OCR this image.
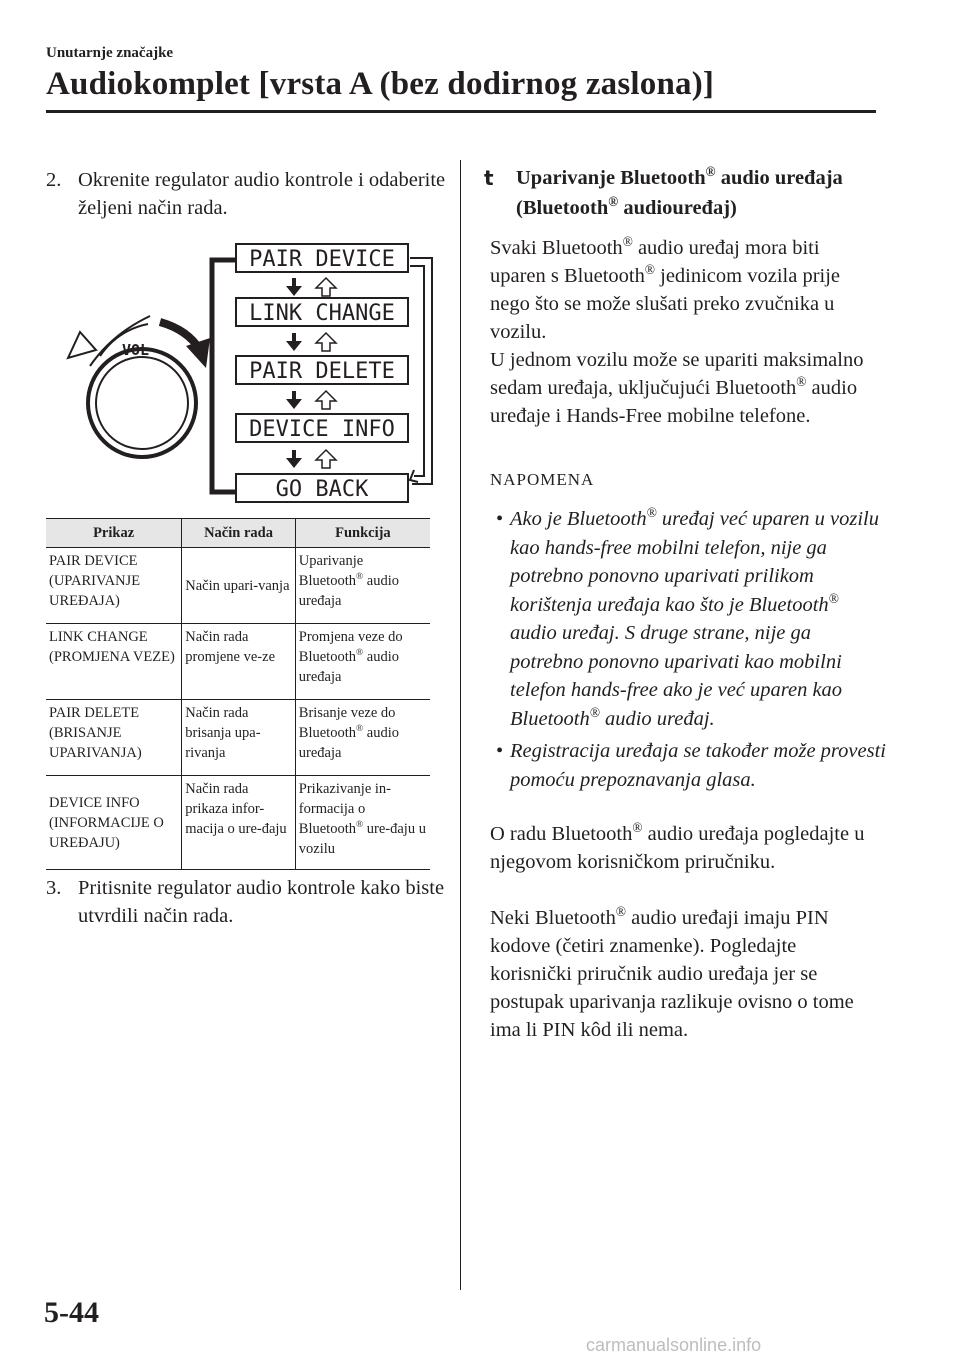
Unutarnje značajke
Audiokomplet [vrsta A (bez dodirnog zaslona)]
2. Okrenite regulator audio kontrole i odaberite željeni način rada.
VOL
PAIR DEVICE
LINK CHANGE
PAIR DELETE
DEVICE INFO
GO BACK
Prikaz	Način rada	Funkcija
PAIR DEVICE (UPARIVANJE UREĐAJA)	Način upari-vanja	Uparivanje Bluetooth® audio uređaja
LINK CHANGE (PROMJENA VEZE)	Način rada promjene ve-ze	Promjena veze do Bluetooth® audio uređaja
PAIR DELETE (BRISANJE UPARIVANJA)	Način rada brisanja upa-rivanja	Brisanje veze do Bluetooth® audio uređaja
DEVICE INFO (INFORMACIJE O UREĐAJU)	Način rada prikaza infor-macija o ure-đaju	Prikazivanje in-formacija o Bluetooth® ure-đaju u vozilu
3. Pritisnite regulator audio kontrole kako biste utvrdili način rada.
t	Uparivanje Bluetooth® audio uređaja (Bluetooth® audiouređaj)
Svaki Bluetooth® audio uređaj mora biti uparen s Bluetooth® jedinicom vozila prije nego što se može slušati preko zvučnika u vozilu.
U jednom vozilu može se upariti maksimalno sedam uređaja, uključujući Bluetooth® audio uređaje i Hands-Free mobilne telefone.
NAPOMENA
• Ako je Bluetooth® uređaj već uparen u vozilu kao hands-free mobilni telefon, nije ga potrebno ponovno uparivati prilikom korištenja uređaja kao što je Bluetooth® audio uređaj. S druge strane, nije ga potrebno ponovno uparivati kao mobilni telefon hands-free ako je već uparen kao Bluetooth® audio uređaj.
• Registracija uređaja se također može provesti pomoću prepoznavanja glasa.
O radu Bluetooth® audio uređaja pogledajte u njegovom korisničkom priručniku.
Neki Bluetooth® audio uređaji imaju PIN kodove (četiri znamenke). Pogledajte korisnički priručnik audio uređaja jer se postupak uparivanja razlikuje ovisno o tome ima li PIN kôd ili nema.
5-44
carmanualsonline.info
